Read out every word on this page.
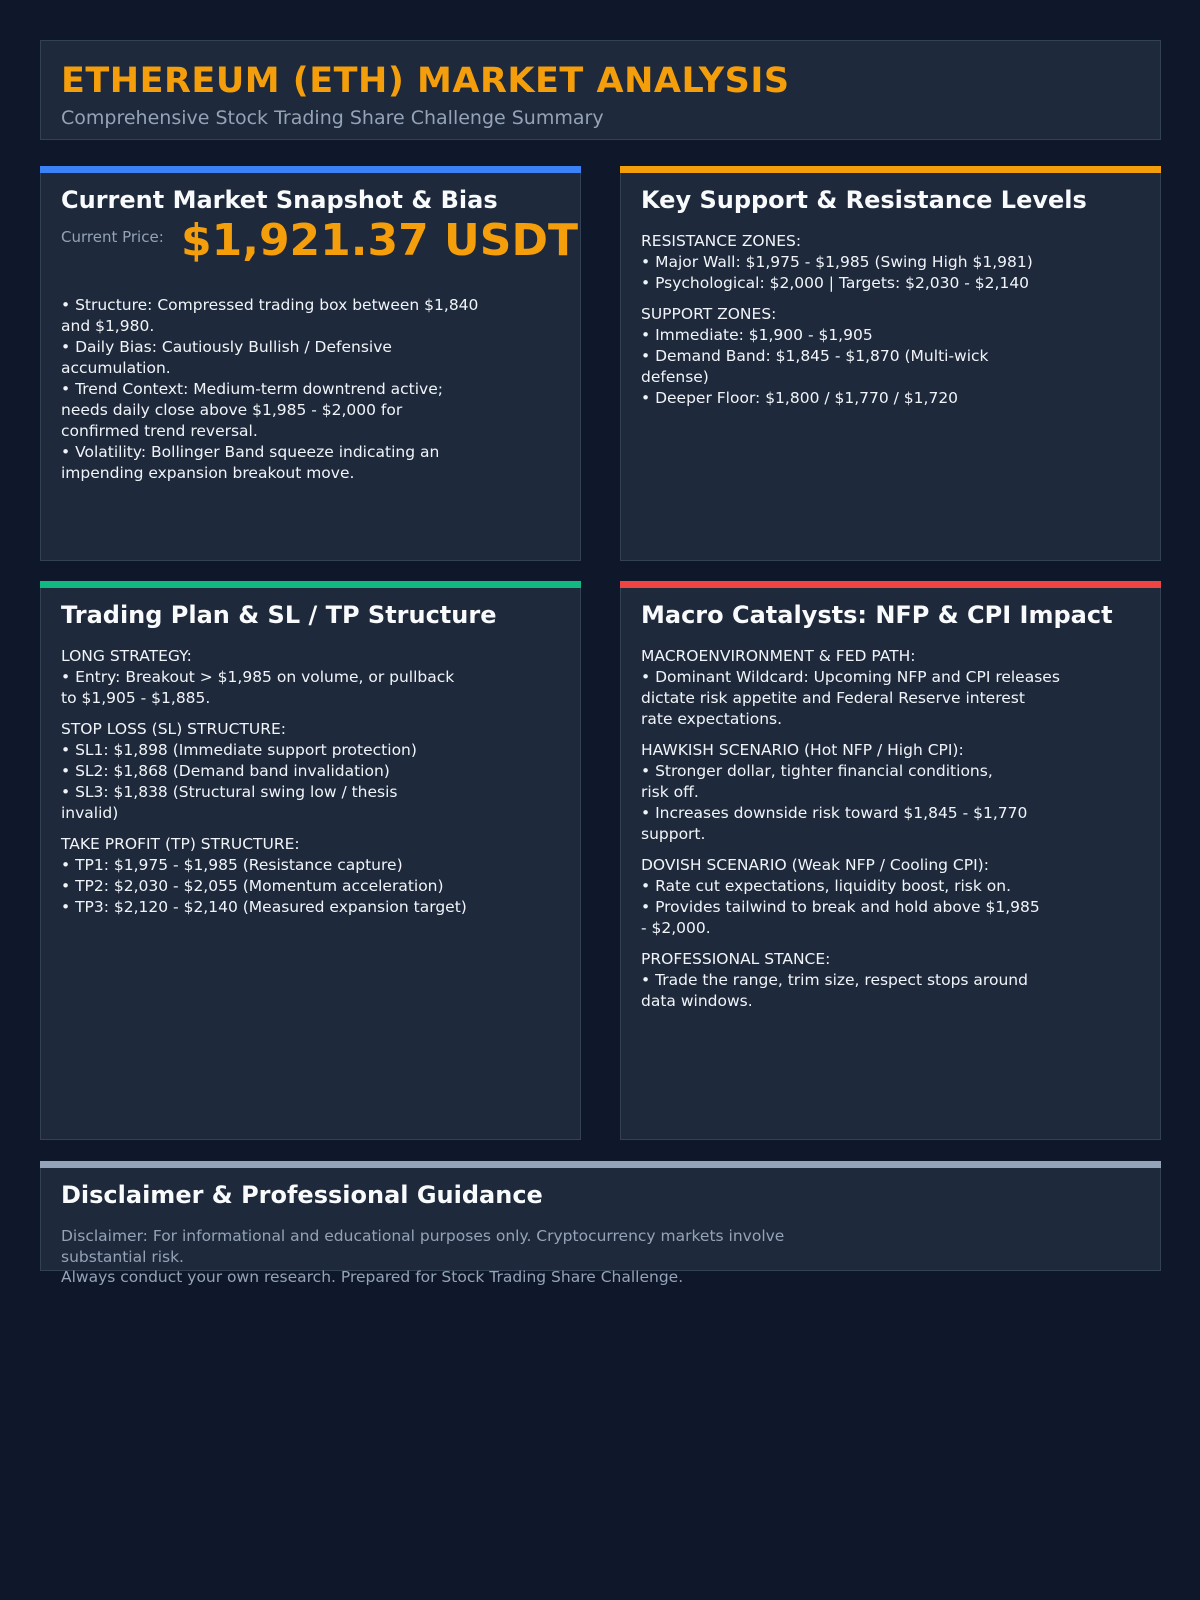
ETHEREUM (ETH) MARKET ANALYSIS
Comprehensive Stock Trading Share Challenge Summary
Current Market Snapshot & Bias
Current Price: $1,921.37 USDT
• Structure: Compressed trading box between $1,840
and $1,980.
• Daily Bias: Cautiously Bullish / Defensive
accumulation.
• Trend Context: Medium-term downtrend active;
needs daily close above $1,985 - $2,000 for
confirmed trend reversal.
• Volatility: Bollinger Band squeeze indicating an
impending expansion breakout move.
Key Support & Resistance Levels
RESISTANCE ZONES:
• Major Wall: $1,975 - $1,985 (Swing High $1,981)
• Psychological: $2,000 | Targets: $2,030 - $2,140
SUPPORT ZONES:
• Immediate: $1,900 - $1,905
• Demand Band: $1,845 - $1,870 (Multi-wick
defense)
• Deeper Floor: $1,800 / $1,770 / $1,720
Trading Plan & SL / TP Structure
LONG STRATEGY:
• Entry: Breakout > $1,985 on volume, or pullback
to $1,905 - $1,885.
STOP LOSS (SL) STRUCTURE:
• SL1: $1,898 (Immediate support protection)
• SL2: $1,868 (Demand band invalidation)
• SL3: $1,838 (Structural swing low / thesis
invalid)
TAKE PROFIT (TP) STRUCTURE:
• TP1: $1,975 - $1,985 (Resistance capture)
• TP2: $2,030 - $2,055 (Momentum acceleration)
• TP3: $2,120 - $2,140 (Measured expansion target)
Macro Catalysts: NFP & CPI Impact
MACROENVIRONMENT & FED PATH:
• Dominant Wildcard: Upcoming NFP and CPI releases
dictate risk appetite and Federal Reserve interest
rate expectations.
HAWKISH SCENARIO (Hot NFP / High CPI):
• Stronger dollar, tighter financial conditions,
risk off.
• Increases downside risk toward $1,845 - $1,770
support.
DOVISH SCENARIO (Weak NFP / Cooling CPI):
• Rate cut expectations, liquidity boost, risk on.
• Provides tailwind to break and hold above $1,985
- $2,000.
PROFESSIONAL STANCE:
• Trade the range, trim size, respect stops around
data windows.
Disclaimer & Professional Guidance
Disclaimer: For informational and educational purposes only. Cryptocurrency markets involve
substantial risk.
Always conduct your own research. Prepared for Stock Trading Share Challenge.
